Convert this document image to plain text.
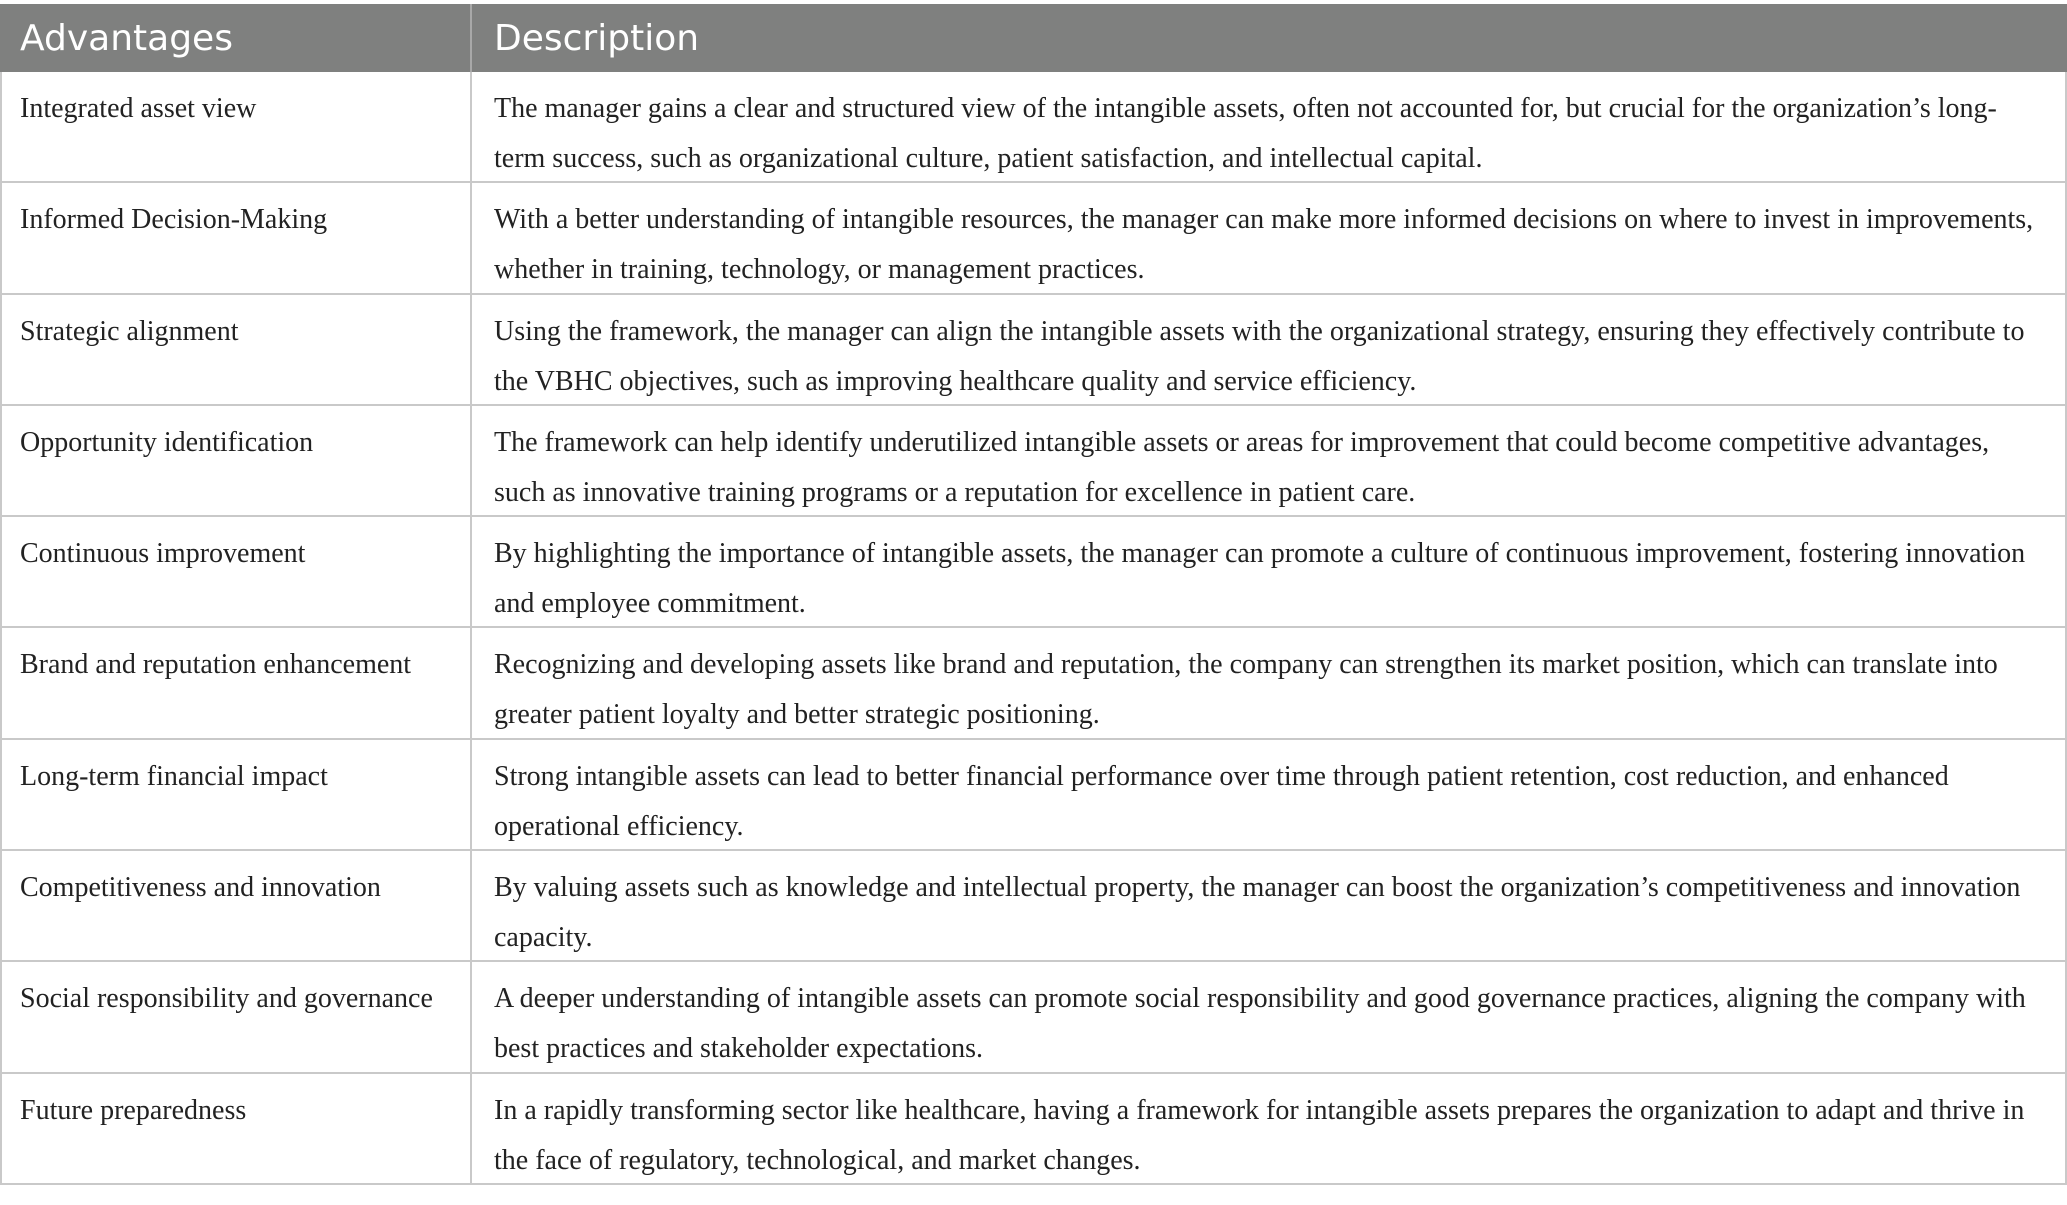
Advantages	Description
Integrated asset view	The manager gains a clear and structured view of the intangible assets, often not accounted for, but crucial for the organization’s long-term success, such as organizational culture, patient satisfaction, and intellectual capital.
Informed Decision-Making	With a better understanding of intangible resources, the manager can make more informed decisions on where to invest in improvements, whether in training, technology, or management practices.
Strategic alignment	Using the framework, the manager can align the intangible assets with the organizational strategy, ensuring they effectively contribute to the VBHC objectives, such as improving healthcare quality and service efficiency.
Opportunity identification	The framework can help identify underutilized intangible assets or areas for improvement that could become competitive advantages, such as innovative training programs or a reputation for excellence in patient care.
Continuous improvement	By highlighting the importance of intangible assets, the manager can promote a culture of continuous improvement, fostering innovation and employee commitment.
Brand and reputation enhancement	Recognizing and developing assets like brand and reputation, the company can strengthen its market position, which can translate into greater patient loyalty and better strategic positioning.
Long-term financial impact	Strong intangible assets can lead to better financial performance over time through patient retention, cost reduction, and enhanced operational efficiency.
Competitiveness and innovation	By valuing assets such as knowledge and intellectual property, the manager can boost the organization’s competitiveness and innovation capacity.
Social responsibility and governance	A deeper understanding of intangible assets can promote social responsibility and good governance practices, aligning the company with best practices and stakeholder expectations.
Future preparedness	In a rapidly transforming sector like healthcare, having a framework for intangible assets prepares the organization to adapt and thrive in the face of regulatory, technological, and market changes.
